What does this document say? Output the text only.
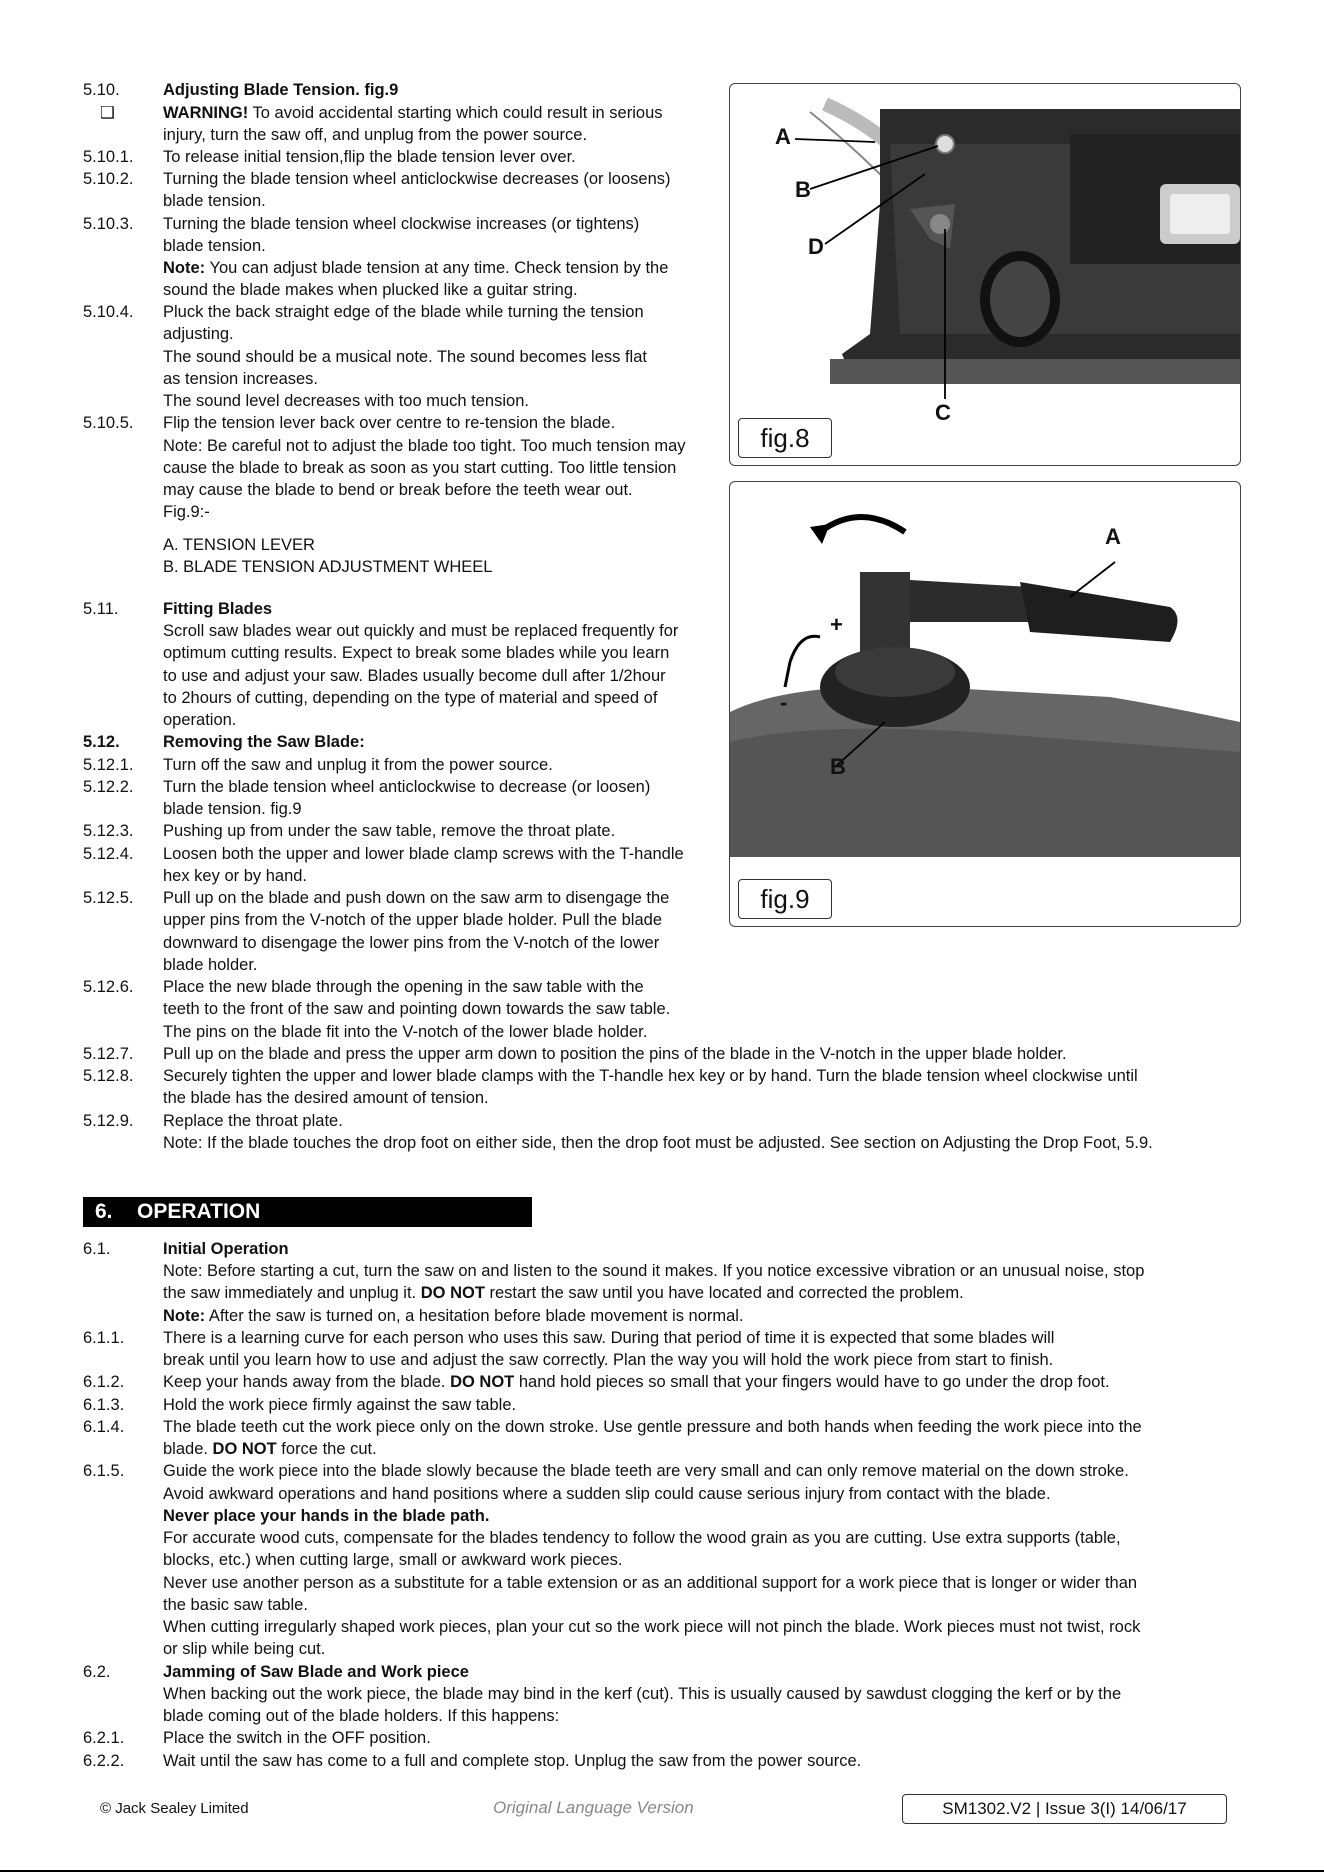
5.10.	Adjusting Blade Tension. fig.9
❑	WARNING! To avoid accidental starting which could result in serious
injury, turn the saw off, and unplug from the power source.
5.10.1. To release initial tension,flip the blade tension lever over.
5.10.2. Turning the blade tension wheel anticlockwise decreases (or loosens)
blade tension.
5.10.3. Turning the blade tension wheel clockwise increases (or tightens)
blade tension.
Note: You can adjust blade tension at any time. Check tension by the
sound the blade makes when plucked like a guitar string.
5.10.4. Pluck the back straight edge of the blade while turning the tension
adjusting.
The sound should be a musical note. The sound becomes less flat
as tension increases.
The sound level decreases with too much tension.
5.10.5. Flip the tension lever back over centre to re-tension the blade.
Note: Be careful not to adjust the blade too tight. Too much tension may
cause the blade to break as soon as you start cutting. Too little tension
may cause the blade to bend or break before the teeth wear out.
Fig.9:-
A. TENSION LEVER
B. BLADE TENSION ADJUSTMENT WHEEL
5.11.	Fitting Blades
Scroll saw blades wear out quickly and must be replaced frequently for
optimum cutting results. Expect to break some blades while you learn
to use and adjust your saw. Blades usually become dull after 1/2hour
to 2hours of cutting, depending on the type of material and speed of
operation.
5.12.	Removing the Saw Blade:
5.12.1. Turn off the saw and unplug it from the power source.
5.12.2. Turn the blade tension wheel anticlockwise to decrease (or loosen)
blade tension. fig.9
5.12.3. Pushing up from under the saw table, remove the throat plate.
5.12.4. Loosen both the upper and lower blade clamp screws with the T-handle
hex key or by hand.
5.12.5. Pull up on the blade and push down on the saw arm to disengage the
upper pins from the V-notch of the upper blade holder. Pull the blade
downward to disengage the lower pins from the V-notch of the lower
blade holder.
5.12.6. Place the new blade through the opening in the saw table with the
teeth to the front of the saw and pointing down towards the saw table.
The pins on the blade fit into the V-notch of the lower blade holder.
5.12.7. Pull up on the blade and press the upper arm down to position the pins of the blade in the V-notch in the upper blade holder.
5.12.8. Securely tighten the upper and lower blade clamps with the T-handle hex key or by hand. Turn the blade tension wheel clockwise until
the blade has the desired amount of tension.
5.12.9. Replace the throat plate.
Note: If the blade touches the drop foot on either side, then the drop foot must be adjusted. See section on Adjusting the Drop Foot, 5.9.
6. OPERATION
6.1.	Initial Operation
Note: Before starting a cut, turn the saw on and listen to the sound it makes. If you notice excessive vibration or an unusual noise, stop
the saw immediately and unplug it. DO NOT restart the saw until you have located and corrected the problem.
Note: After the saw is turned on, a hesitation before blade movement is normal.
6.1.1. There is a learning curve for each person who uses this saw. During that period of time it is expected that some blades will
break until you learn how to use and adjust the saw correctly. Plan the way you will hold the work piece from start to finish.
6.1.2. Keep your hands away from the blade. DO NOT hand hold pieces so small that your fingers would have to go under the drop foot.
6.1.3. Hold the work piece firmly against the saw table.
6.1.4. The blade teeth cut the work piece only on the down stroke. Use gentle pressure and both hands when feeding the work piece into the
blade. DO NOT force the cut.
6.1.5. Guide the work piece into the blade slowly because the blade teeth are very small and can only remove material on the down stroke.
Avoid awkward operations and hand positions where a sudden slip could cause serious injury from contact with the blade.
Never place your hands in the blade path.
For accurate wood cuts, compensate for the blades tendency to follow the wood grain as you are cutting. Use extra supports (table,
blocks, etc.) when cutting large, small or awkward work pieces.
Never use another person as a substitute for a table extension or as an additional support for a work piece that is longer or wider than
the basic saw table.
When cutting irregularly shaped work pieces, plan your cut so the work piece will not pinch the blade. Work pieces must not twist, rock
or slip while being cut.
6.2.	Jamming of Saw Blade and Work piece
When backing out the work piece, the blade may bind in the kerf (cut). This is usually caused by sawdust clogging the kerf or by the
blade coming out of the blade holders. If this happens:
6.2.1. Place the switch in the OFF position.
6.2.2. Wait until the saw has come to a full and complete stop. Unplug the saw from the power source.
A
B
D
C
fig.8
A
B
+
-
fig.9
© Jack Sealey Limited	Original Language Version	SM1302.V2 | Issue 3(I) 14/06/17
